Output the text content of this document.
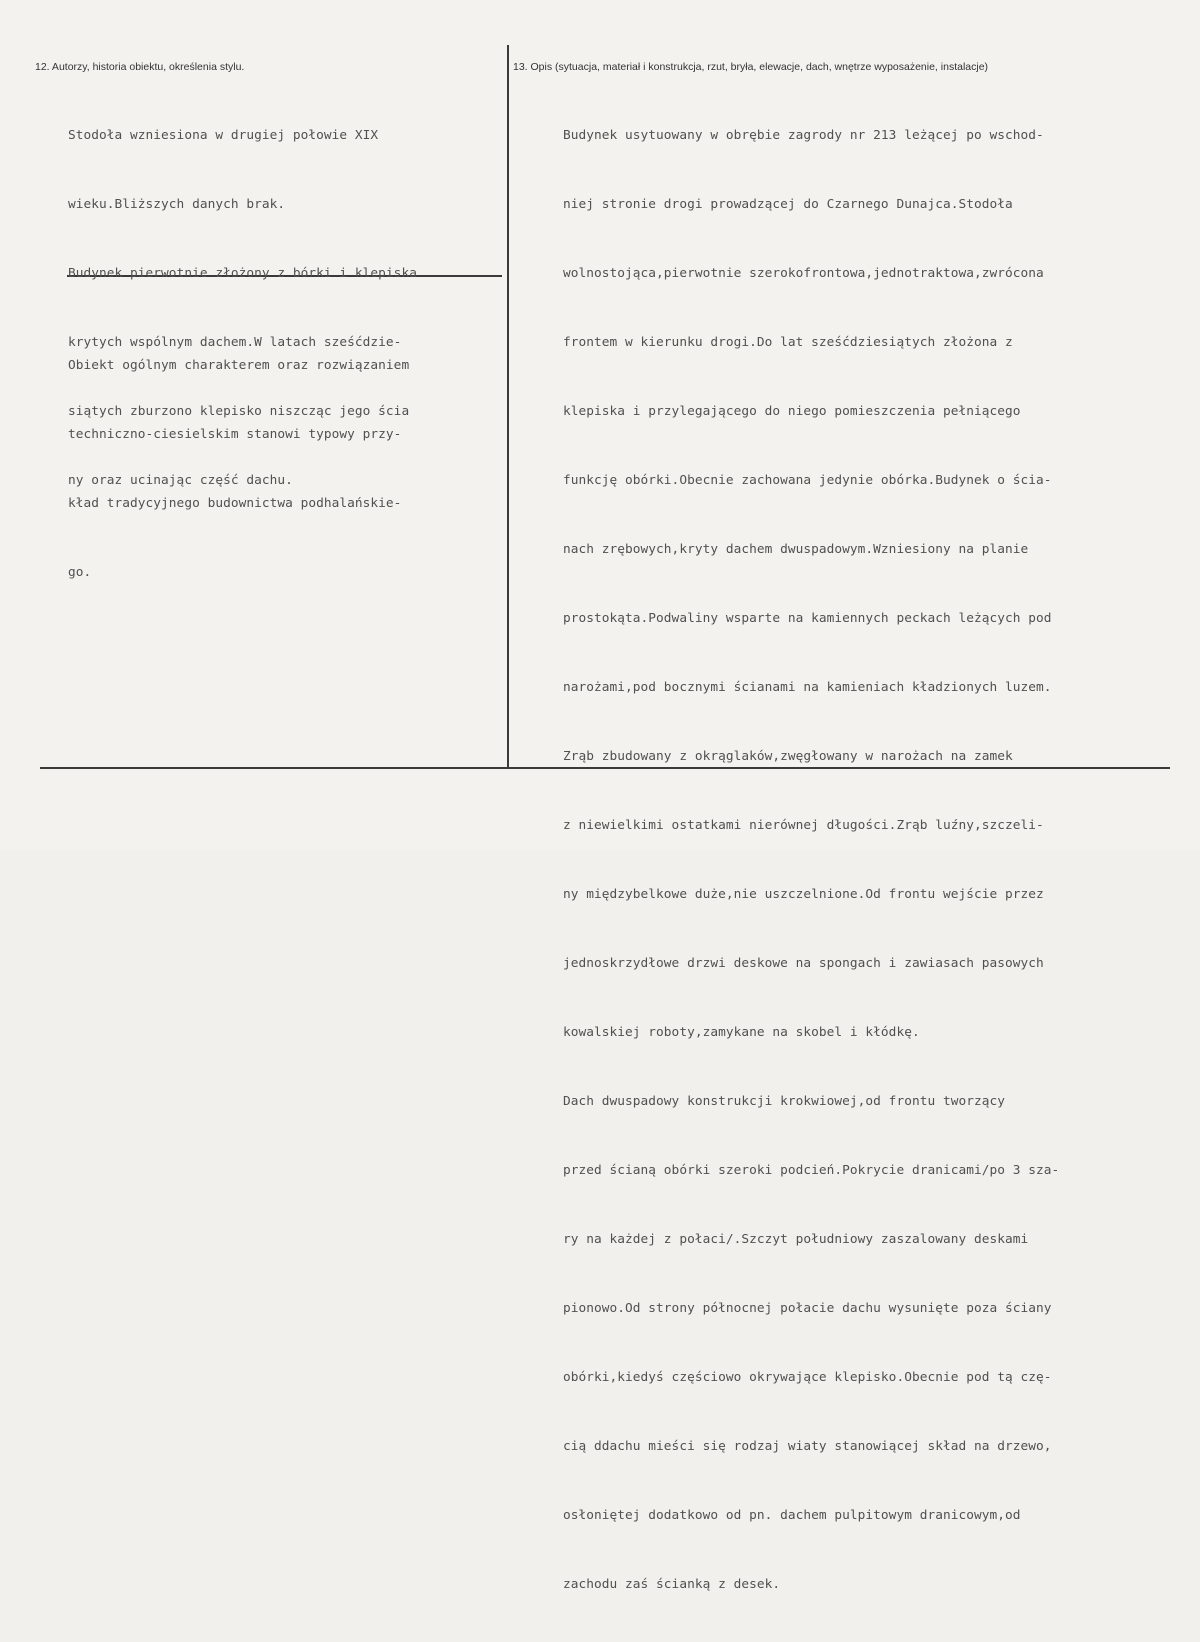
12. Autorzy, historia obiektu, określenia stylu.	13. Opis (sytuacja, materiał i konstrukcja, rzut, bryła, elewacje, dach, wnętrze wyposażenie, instalacje)

Stodoła wzniesiona w drugiej połowie XIX

wieku.Bliższych danych brak.

Budynek pierwotnie złożony z bórki i klepiska

krytych wspólnym dachem.W latach sześćdzie-

siątych zburzono klepisko niszcząc jego ścia

ny oraz ucinając część dachu.

Obiekt ogólnym charakterem oraz rozwiązaniem

techniczno-ciesielskim stanowi typowy przy-

kład tradycyjnego budownictwa podhalańskie-

go.

Budynek usytuowany w obrębie zagrody nr 213 leżącej po wschod-

niej stronie drogi prowadzącej do Czarnego Dunajca.Stodoła

wolnostojąca,pierwotnie szerokofrontowa,jednotraktowa,zwrócona

frontem w kierunku drogi.Do lat sześćdziesiątych złożona z

klepiska i przylegającego do niego pomieszczenia pełniącego

funkcję obórki.Obecnie zachowana jedynie obórka.Budynek o ścia-

nach zrębowych,kryty dachem dwuspadowym.Wzniesiony na planie

prostokąta.Podwaliny wsparte na kamiennych peckach leżących pod

narożami,pod bocznymi ścianami na kamieniach kładzionych luzem.

Zrąb zbudowany z okrąglaków,zwęgłowany w narożach na zamek

z niewielkimi ostatkami nierównej długości.Zrąb luźny,szczeli-

ny międzybelkowe duże,nie uszczelnione.Od frontu wejście przez

jednoskrzydłowe drzwi deskowe na spongach i zawiasach pasowych

kowalskiej roboty,zamykane na skobel i kłódkę.

Dach dwuspadowy konstrukcji krokwiowej,od frontu tworzący

przed ścianą obórki szeroki podcień.Pokrycie dranicami/po 3 sza-

ry na każdej z połaci/.Szczyt południowy zaszalowany deskami

pionowo.Od strony północnej połacie dachu wysunięte poza ściany

obórki,kiedyś częściowo okrywające klepisko.Obecnie pod tą czę-

cią ddachu mieści się rodzaj wiaty stanowiącej skład na drzewo,

osłoniętej dodatkowo od pn. dachem pulpitowym dranicowym,od

zachodu zaś ścianką z desek.
